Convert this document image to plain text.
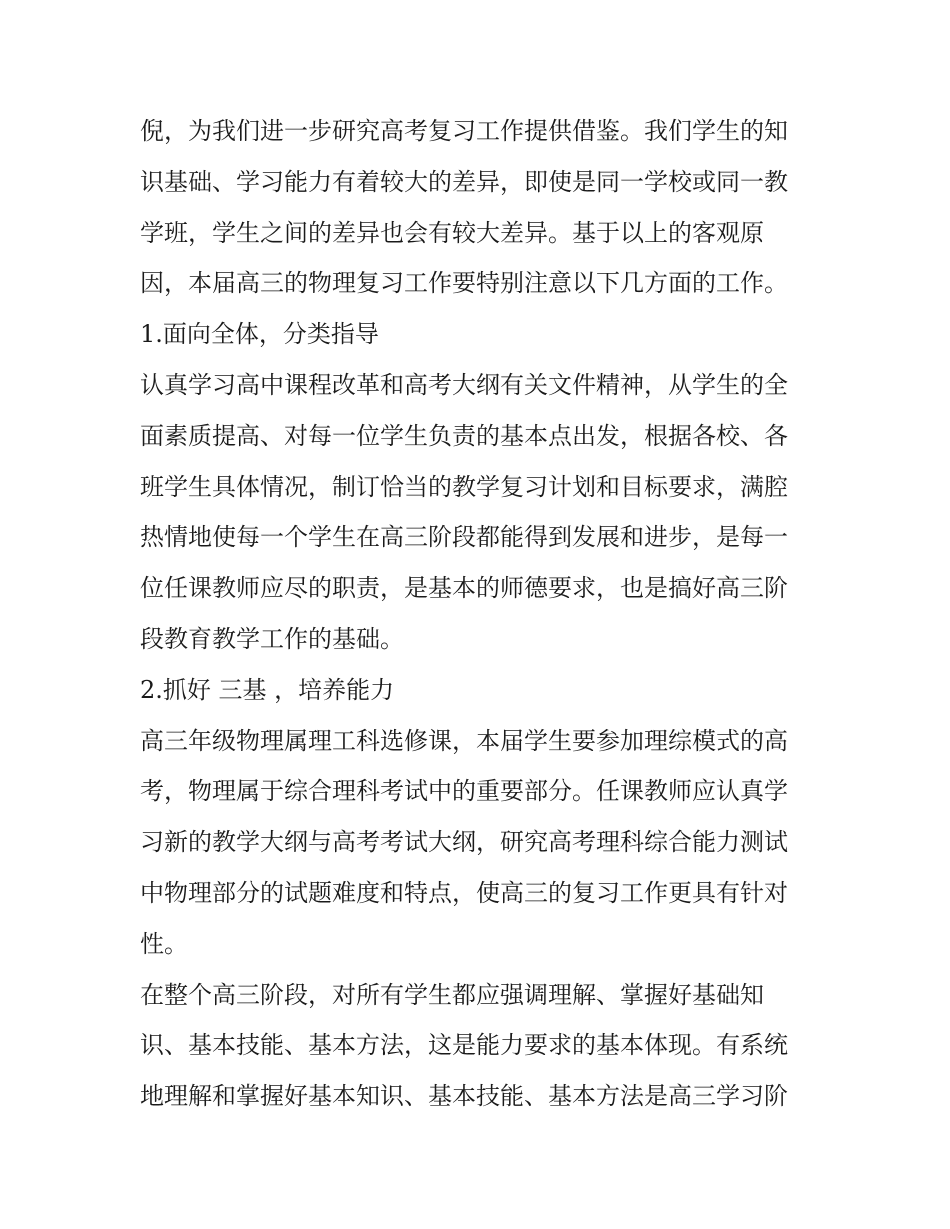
倪，为我们进一步研究高考复习工作提供借鉴。我们学生的知
识基础、学习能力有着较大的差异，即使是同一学校或同一教
学班，学生之间的差异也会有较大差异。基于以上的客观原
因，本届高三的物理复习工作要特别注意以下几方面的工作。
1.面向全体，分类指导
认真学习高中课程改革和高考大纲有关文件精神，从学生的全
面素质提高、对每一位学生负责的基本点出发，根据各校、各
班学生具体情况，制订恰当的教学复习计划和目标要求，满腔
热情地使每一个学生在高三阶段都能得到发展和进步，是每一
位任课教师应尽的职责，是基本的师德要求，也是搞好高三阶
段教育教学工作的基础。
2.抓好 三基 ，培养能力
高三年级物理属理工科选修课，本届学生要参加理综模式的高
考，物理属于综合理科考试中的重要部分。任课教师应认真学
习新的教学大纲与高考考试大纲，研究高考理科综合能力测试
中物理部分的试题难度和特点，使高三的复习工作更具有针对
性。
在整个高三阶段，对所有学生都应强调理解、掌握好基础知
识、基本技能、基本方法，这是能力要求的基本体现。有系统
地理解和掌握好基本知识、基本技能、基本方法是高三学习阶
